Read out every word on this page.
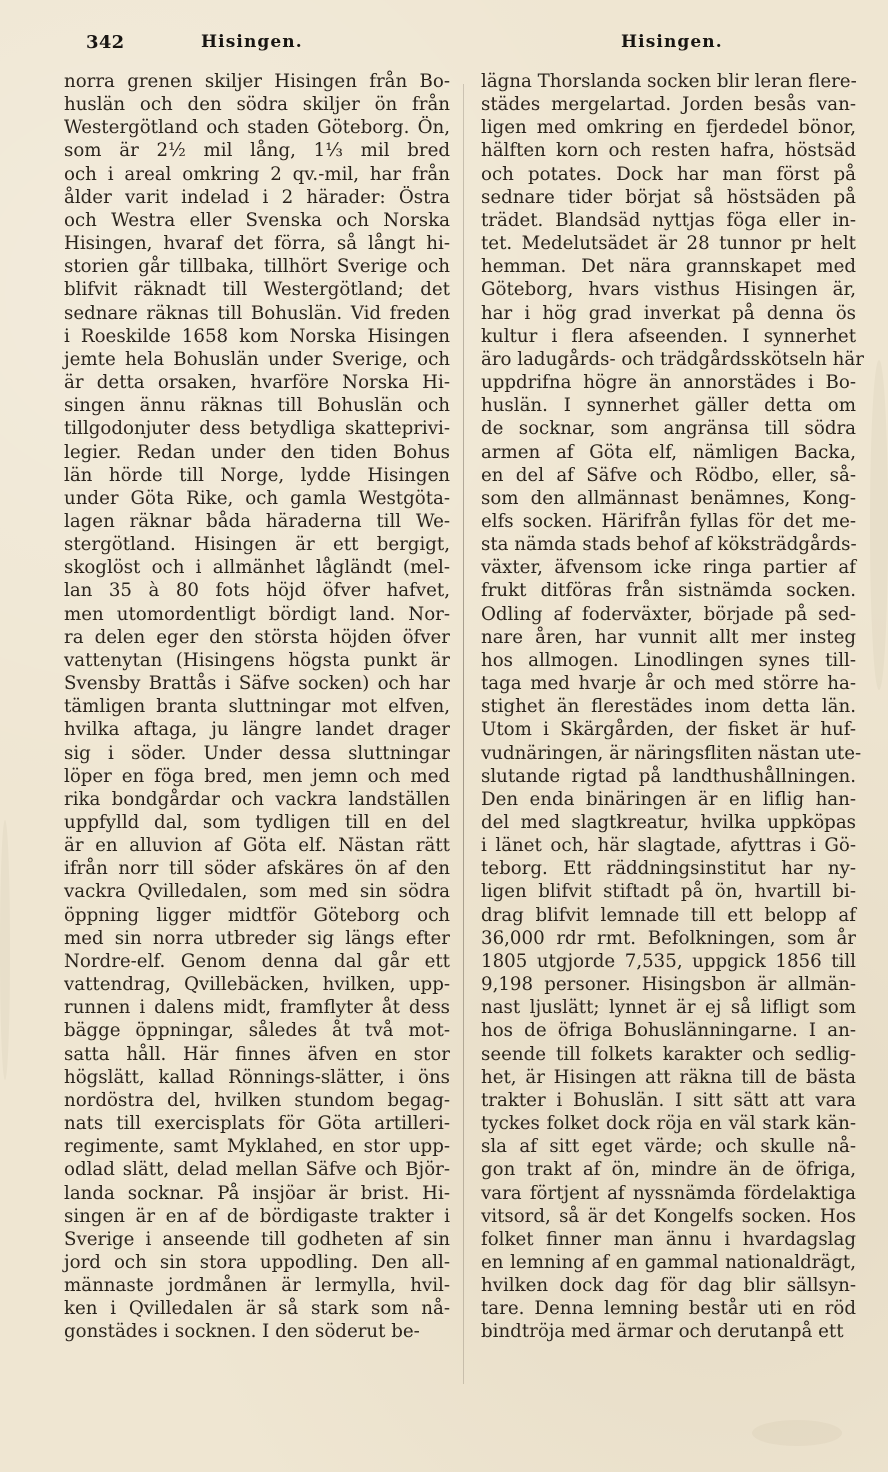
342	Hisingen.	Hisingen.
norra grenen skiljer Hisingen från Bo-
huslän och den södra skiljer ön från
Westergötland och staden Göteborg. Ön,
som är 2½ mil lång, 1⅓ mil bred
och i areal omkring 2 qv.-mil, har från
ålder varit indelad i 2 härader: Östra
och Westra eller Svenska och Norska
Hisingen, hvaraf det förra, så långt hi-
storien går tillbaka, tillhört Sverige och
blifvit räknadt till Westergötland; det
sednare räknas till Bohuslän. Vid freden
i Roeskilde 1658 kom Norska Hisingen
jemte hela Bohuslän under Sverige, och
är detta orsaken, hvarföre Norska Hi-
singen ännu räknas till Bohuslän och
tillgodonjuter dess betydliga skatteprivi-
legier. Redan under den tiden Bohus
län hörde till Norge, lydde Hisingen
under Göta Rike, och gamla Westgöta-
lagen räknar båda häraderna till We-
stergötland. Hisingen är ett bergigt,
skoglöst och i allmänhet lågländt (mel-
lan 35 à 80 fots höjd öfver hafvet,
men utomordentligt bördigt land. Nor-
ra delen eger den största höjden öfver
vattenytan (Hisingens högsta punkt är
Svensby Brattås i Säfve socken) och har
tämligen branta sluttningar mot elfven,
hvilka aftaga, ju längre landet drager
sig i söder. Under dessa sluttningar
löper en föga bred, men jemn och med
rika bondgårdar och vackra landställen
uppfylld dal, som tydligen till en del
är en alluvion af Göta elf. Nästan rätt
ifrån norr till söder afskäres ön af den
vackra Qvilledalen, som med sin södra
öppning ligger midtför Göteborg och
med sin norra utbreder sig längs efter
Nordre-elf. Genom denna dal går ett
vattendrag, Qvillebäcken, hvilken, upp-
runnen i dalens midt, framflyter åt dess
bägge öppningar, således åt två mot-
satta håll. Här finnes äfven en stor
högslätt, kallad Rönnings-slätter, i öns
nordöstra del, hvilken stundom begag-
nats till exercisplats för Göta artilleri-
regimente, samt Myklahed, en stor upp-
odlad slätt, delad mellan Säfve och Björ-
landa socknar. På insjöar är brist. Hi-
singen är en af de bördigaste trakter i
Sverige i anseende till godheten af sin
jord och sin stora uppodling. Den all-
männaste jordmånen är lermylla, hvil-
ken i Qvilledalen är så stark som nå-
gonstädes i socknen. I den söderut be-
lägna Thorslanda socken blir leran flere-
städes mergelartad. Jorden besås van-
ligen med omkring en fjerdedel bönor,
hälften korn och resten hafra, höstsäd
och potates. Dock har man först på
sednare tider börjat så höstsäden på
trädet. Blandsäd nyttjas föga eller in-
tet. Medelutsädet är 28 tunnor pr helt
hemman. Det nära grannskapet med
Göteborg, hvars visthus Hisingen är,
har i hög grad inverkat på denna ös
kultur i flera afseenden. I synnerhet
äro ladugårds- och trädgårdsskötseln här
uppdrifna högre än annorstädes i Bo-
huslän. I synnerhet gäller detta om
de socknar, som angränsa till södra
armen af Göta elf, nämligen Backa,
en del af Säfve och Rödbo, eller, så-
som den allmännast benämnes, Kong-
elfs socken. Härifrån fyllas för det me-
sta nämda stads behof af köksträdgårds-
växter, äfvensom icke ringa partier af
frukt ditföras från sistnämda socken.
Odling af foderväxter, började på sed-
nare åren, har vunnit allt mer insteg
hos allmogen. Linodlingen synes till-
taga med hvarje år och med större ha-
stighet än flerestädes inom detta län.
Utom i Skärgården, der fisket är huf-
vudnäringen, är näringsfliten nästan ute-
slutande rigtad på landthushållningen.
Den enda binäringen är en liflig han-
del med slagtkreatur, hvilka uppköpas
i länet och, här slagtade, afyttras i Gö-
teborg. Ett räddningsinstitut har ny-
ligen blifvit stiftadt på ön, hvartill bi-
drag blifvit lemnade till ett belopp af
36,000 rdr rmt. Befolkningen, som år
1805 utgjorde 7,535, uppgick 1856 till
9,198 personer. Hisingsbon är allmän-
nast ljuslätt; lynnet är ej så lifligt som
hos de öfriga Bohuslänningarne. I an-
seende till folkets karakter och sedlig-
het, är Hisingen att räkna till de bästa
trakter i Bohuslän. I sitt sätt att vara
tyckes folket dock röja en väl stark kän-
sla af sitt eget värde; och skulle nå-
gon trakt af ön, mindre än de öfriga,
vara förtjent af nyssnämda fördelaktiga
vitsord, så är det Kongelfs socken. Hos
folket finner man ännu i hvardagslag
en lemning af en gammal nationaldrägt,
hvilken dock dag för dag blir sällsyn-
tare. Denna lemning består uti en röd
bindtröja med ärmar och derutanpå ett
